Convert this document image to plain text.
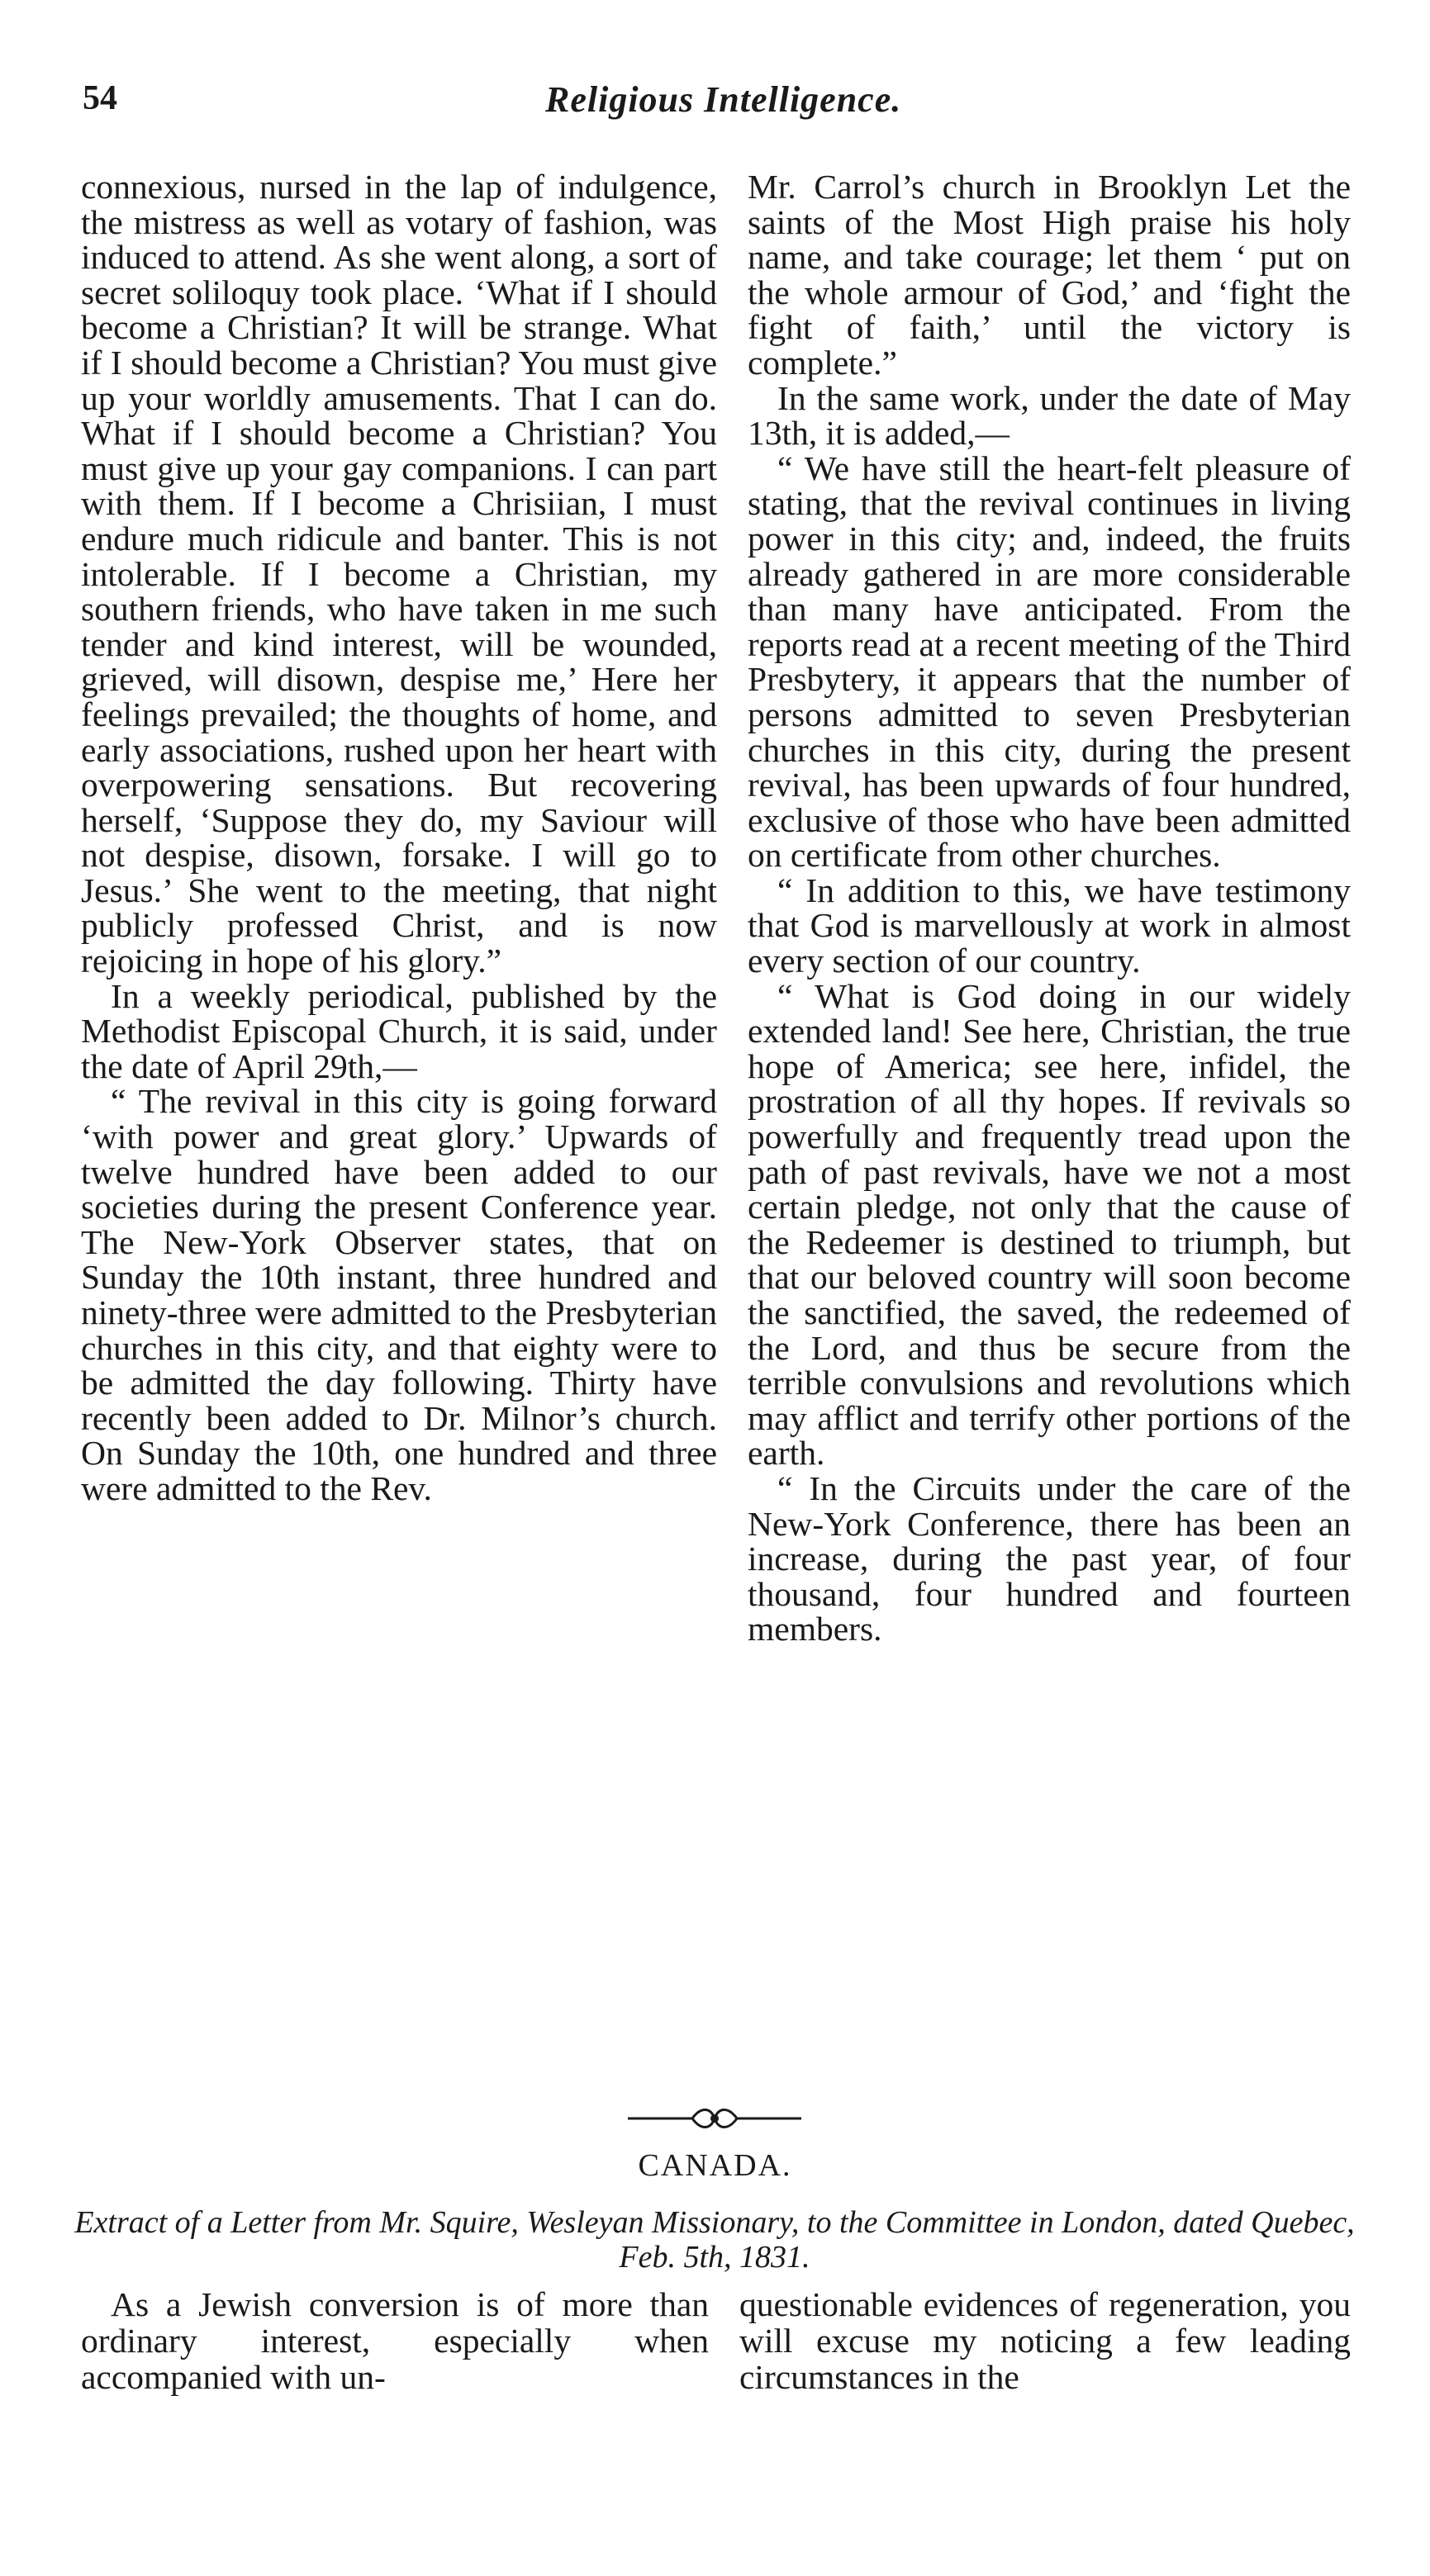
54	Religious Intelligence.

connexious, nursed in the lap of indulgence, the mistress as well as votary of fashion, was induced to attend. As she went along, a sort of secret soliloquy took place. ‘What if I should become a Christian? It will be strange. What if I should become a Christian? You must give up your worldly amusements. That I can do. What if I should become a Christian? You must give up your gay companions. I can part with them. If I become a Chrisiian, I must endure much ridicule and banter. This is not intolerable. If I become a Christian, my southern friends, who have taken in me such tender and kind interest, will be wounded, grieved, will disown, despise me,’ Here her feelings prevailed; the thoughts of home, and early associations, rushed upon her heart with overpowering sensations. But recovering herself, ‘Suppose they do, my Saviour will not despise, disown, forsake. I will go to Jesus.’ She went to the meeting, that night publicly professed Christ, and is now rejoicing in hope of his glory.”

In a weekly periodical, published by the Methodist Episcopal Church, it is said, under the date of April 29th,—

“ The revival in this city is going forward ‘with power and great glory.’ Upwards of twelve hundred have been added to our societies during the present Conference year. The New-York Observer states, that on Sunday the 10th instant, three hundred and ninety-three were admitted to the Presbyterian churches in this city, and that eighty were to be admitted the day following. Thirty have recently been added to Dr. Milnor’s church. On Sunday the 10th, one hundred and three were admitted to the Rev.

Mr. Carrol’s church in Brooklyn Let the saints of the Most High praise his holy name, and take courage; let them ‘ put on the whole armour of God,’ and ‘fight the fight of faith,’ until the victory is complete.”

In the same work, under the date of May 13th, it is added,—

“ We have still the heart-felt pleasure of stating, that the revival continues in living power in this city; and, indeed, the fruits already gathered in are more considerable than many have anticipated. From the reports read at a recent meeting of the Third Presbytery, it appears that the number of persons admitted to seven Presbyterian churches in this city, during the present revival, has been upwards of four hundred, exclusive of those who have been admitted on certificate from other churches.

“ In addition to this, we have testimony that God is marvellously at work in almost every section of our country.

“ What is God doing in our widely extended land! See here, Christian, the true hope of America; see here, infidel, the prostration of all thy hopes. If revivals so powerfully and frequently tread upon the path of past revivals, have we not a most certain pledge, not only that the cause of the Redeemer is destined to triumph, but that our beloved country will soon become the sanctified, the saved, the redeemed of the Lord, and thus be secure from the terrible convulsions and revolutions which may afflict and terrify other portions of the earth.

“ In the Circuits under the care of the New-York Conference, there has been an increase, during the past year, of four thousand, four hundred and fourteen members.

CANADA.
Extract of a Letter from Mr. Squire, Wesleyan Missionary, to the Committee in London, dated Quebec, Feb. 5th, 1831.

As a Jewish conversion is of more than ordinary interest, especially when accompanied with un-

questionable evidences of regeneration, you will excuse my noticing a few leading circumstances in the
